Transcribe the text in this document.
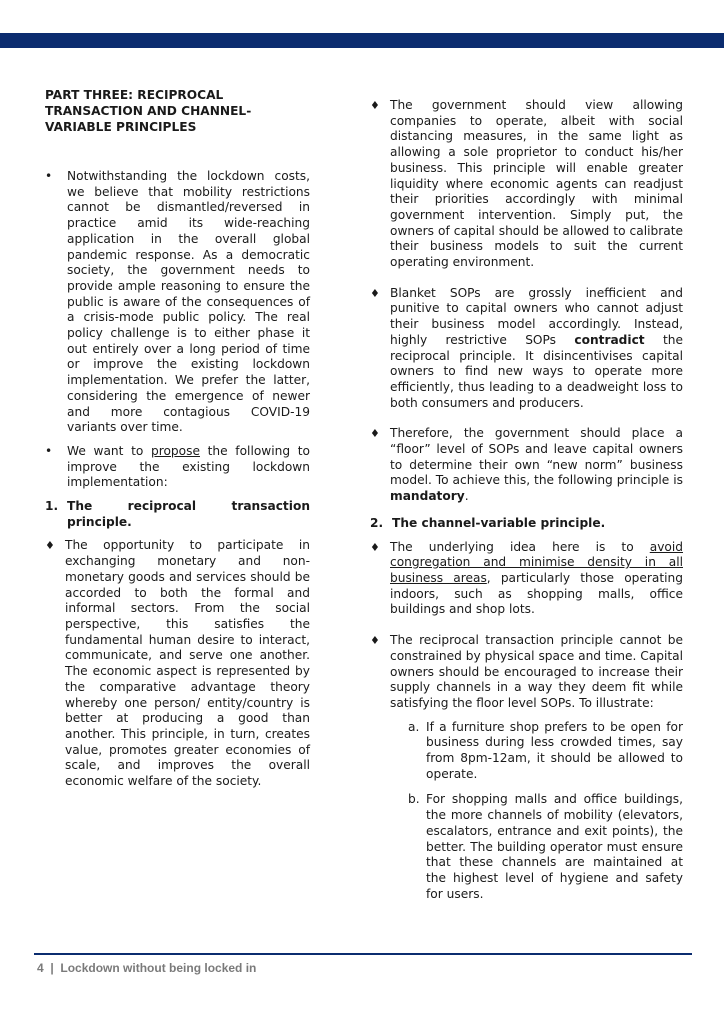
PART THREE: RECIPROCAL TRANSACTION AND CHANNEL-VARIABLE PRINCIPLES
• Notwithstanding the lockdown costs, we believe that mobility restrictions cannot be dismantled/reversed in practice amid its wide-reaching application in the overall global pandemic response. As a democratic society, the government needs to provide ample reasoning to ensure the public is aware of the consequences of a crisis-mode public policy. The real policy challenge is to either phase it out entirely over a long period of time or improve the existing lockdown implementation. We prefer the latter, considering the emergence of newer and more contagious COVID-19 variants over time.
• We want to propose the following to improve the existing lockdown implementation:
1. The reciprocal transaction principle.
♦ The opportunity to participate in exchanging monetary and non-monetary goods and services should be accorded to both the formal and informal sectors. From the social perspective, this satisfies the fundamental human desire to interact, communicate, and serve one another. The economic aspect is represented by the comparative advantage theory whereby one person/ entity/country is better at producing a good than another. This principle, in turn, creates value, promotes greater economies of scale, and improves the overall economic welfare of the society.
♦ The government should view allowing companies to operate, albeit with social distancing measures, in the same light as allowing a sole proprietor to conduct his/her business. This principle will enable greater liquidity where economic agents can readjust their priorities accordingly with minimal government intervention. Simply put, the owners of capital should be allowed to calibrate their business models to suit the current operating environment.
♦ Blanket SOPs are grossly inefficient and punitive to capital owners who cannot adjust their business model accordingly. Instead, highly restrictive SOPs contradict the reciprocal principle. It disincentivises capital owners to find new ways to operate more efficiently, thus leading to a deadweight loss to both consumers and producers.
♦ Therefore, the government should place a “floor” level of SOPs and leave capital owners to determine their own “new norm” business model. To achieve this, the following principle is mandatory.
2. The channel-variable principle.
♦ The underlying idea here is to avoid congregation and minimise density in all business areas, particularly those operating indoors, such as shopping malls, office buildings and shop lots.
♦ The reciprocal transaction principle cannot be constrained by physical space and time. Capital owners should be encouraged to increase their supply channels in a way they deem fit while satisfying the floor level SOPs. To illustrate:
a. If a furniture shop prefers to be open for business during less crowded times, say from 8pm-12am, it should be allowed to operate.
b. For shopping malls and office buildings, the more channels of mobility (elevators, escalators, entrance and exit points), the better. The building operator must ensure that these channels are maintained at the highest level of hygiene and safety for users.
4 | Lockdown without being locked in
